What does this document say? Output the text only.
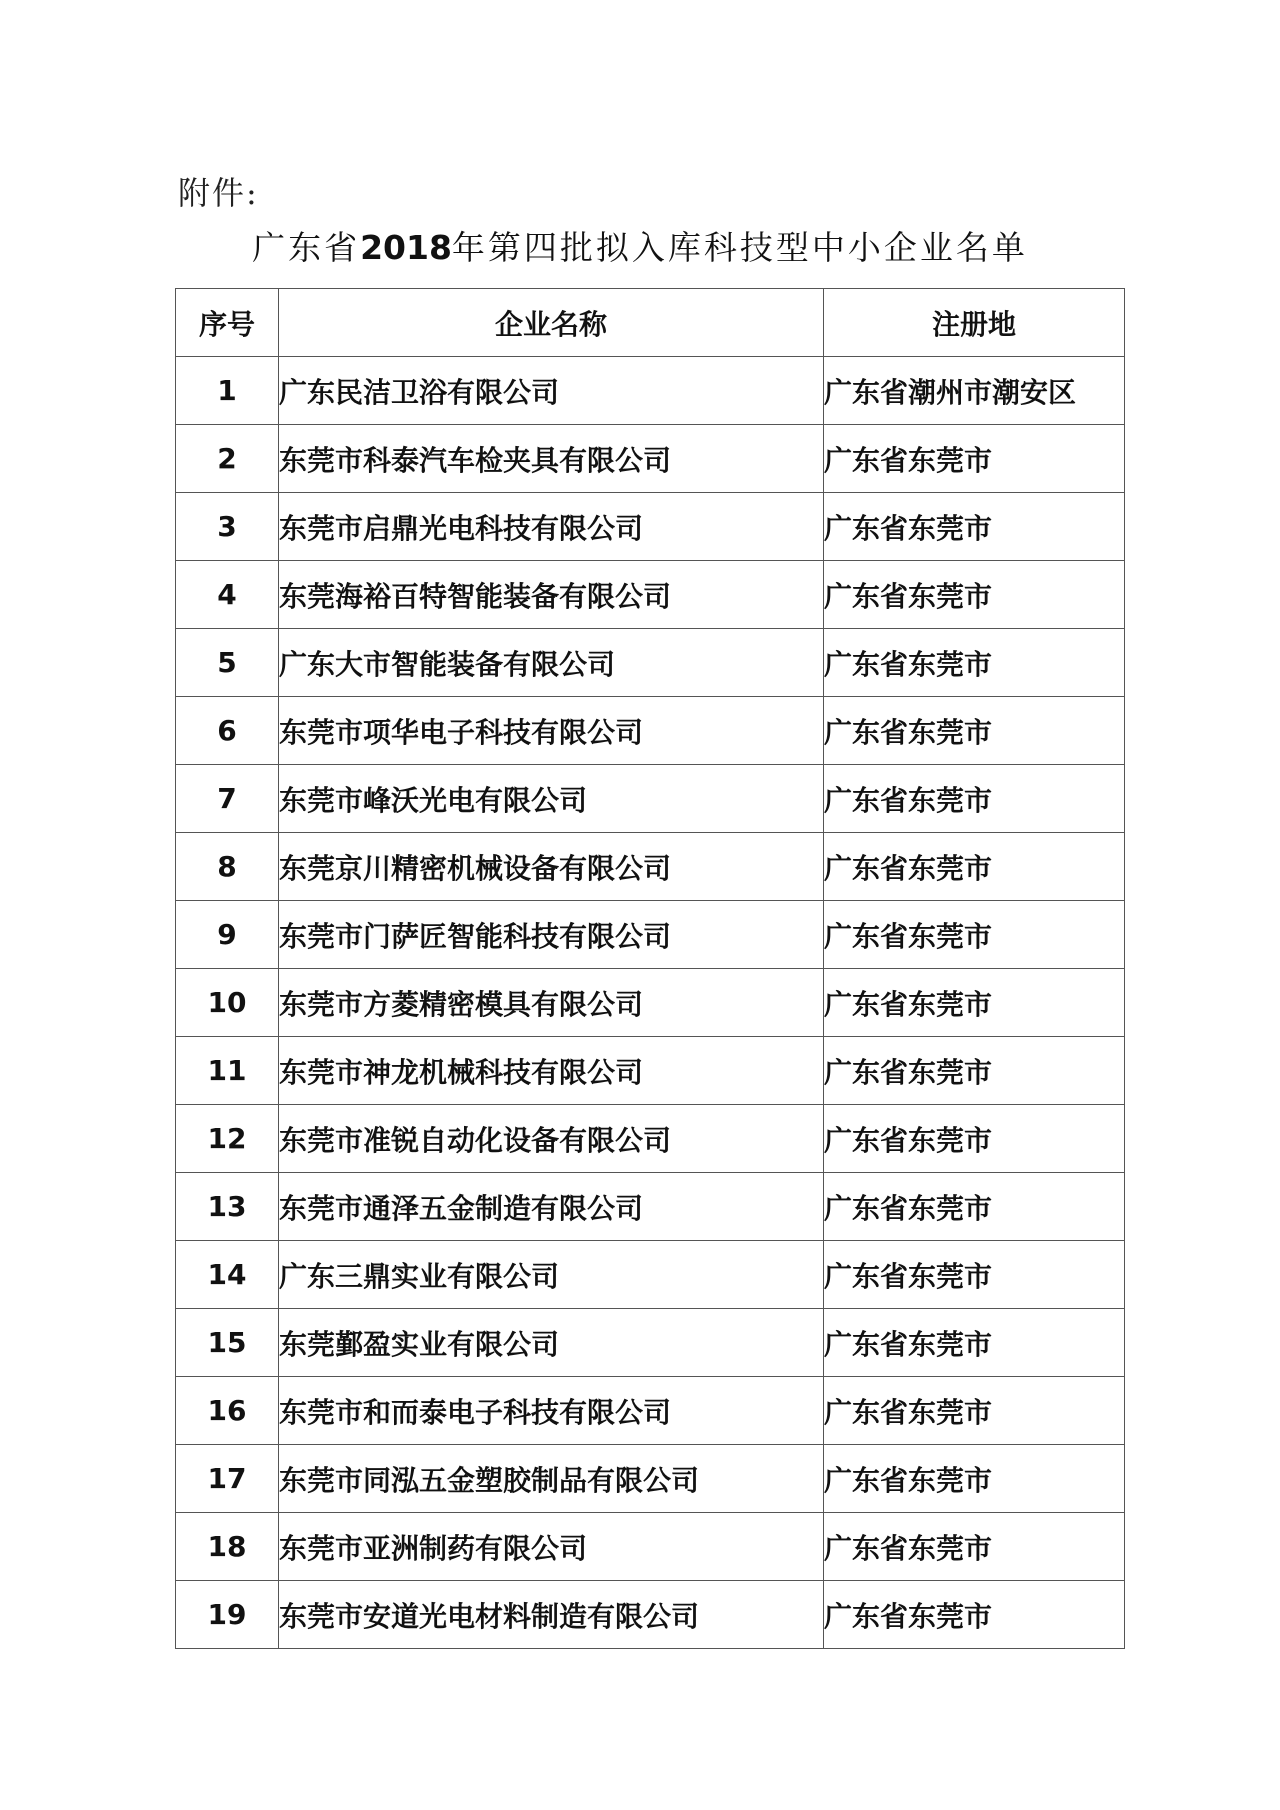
附件:
广东省2018年第四批拟入库科技型中小企业名单
序号	企业名称	注册地
1	广东民洁卫浴有限公司	广东省潮州市潮安区
2	东莞市科泰汽车检夹具有限公司	广东省东莞市
3	东莞市启鼎光电科技有限公司	广东省东莞市
4	东莞海裕百特智能装备有限公司	广东省东莞市
5	广东大市智能装备有限公司	广东省东莞市
6	东莞市项华电子科技有限公司	广东省东莞市
7	东莞市峰沃光电有限公司	广东省东莞市
8	东莞京川精密机械设备有限公司	广东省东莞市
9	东莞市门萨匠智能科技有限公司	广东省东莞市
10	东莞市方菱精密模具有限公司	广东省东莞市
11	东莞市神龙机械科技有限公司	广东省东莞市
12	东莞市准锐自动化设备有限公司	广东省东莞市
13	东莞市通泽五金制造有限公司	广东省东莞市
14	广东三鼎实业有限公司	广东省东莞市
15	东莞鄞盈实业有限公司	广东省东莞市
16	东莞市和而泰电子科技有限公司	广东省东莞市
17	东莞市同泓五金塑胶制品有限公司	广东省东莞市
18	东莞市亚洲制药有限公司	广东省东莞市
19	东莞市安道光电材料制造有限公司	广东省东莞市
